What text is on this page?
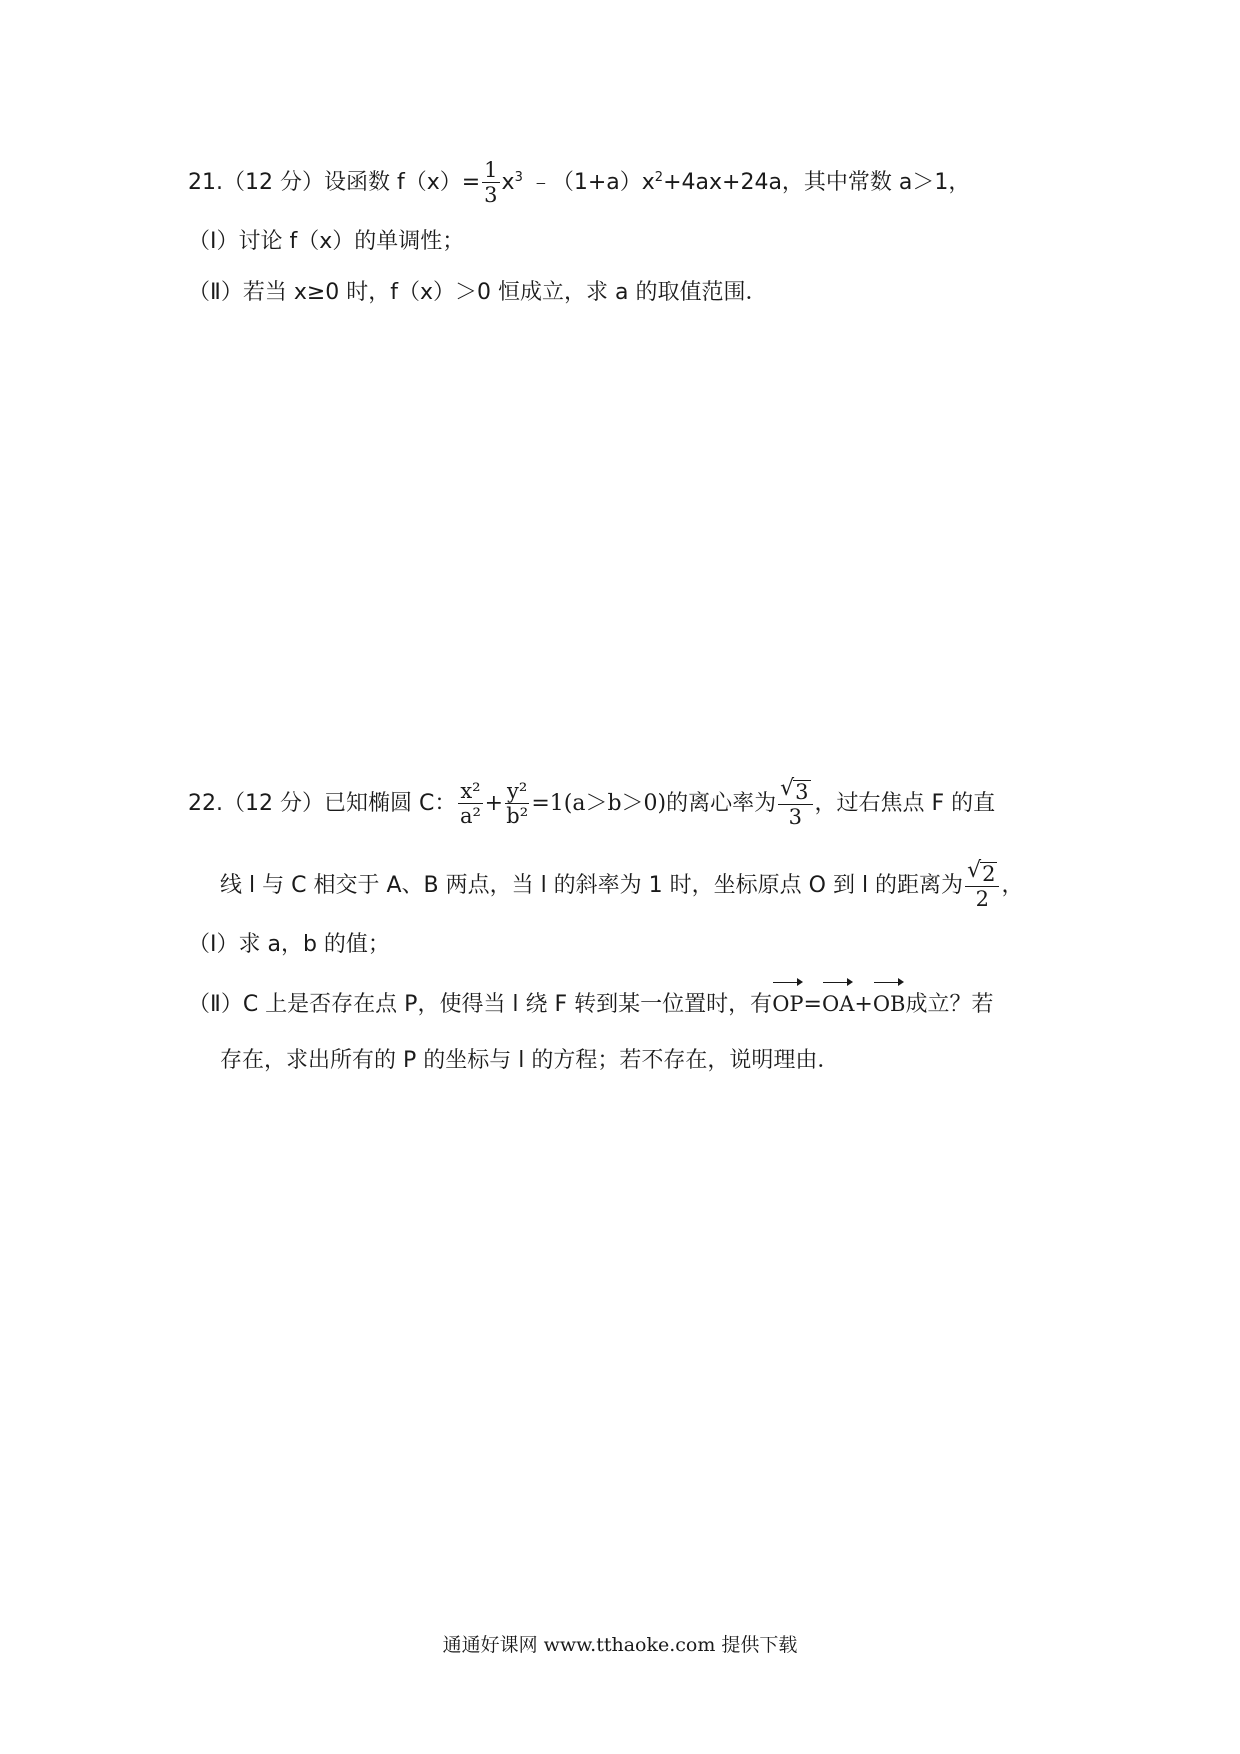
21.（12 分）设函数 $f(x)= \frac{1}{3} x^3$ $﹣(1+a)x^2+4ax+24a$，其中常数 a＞1，
（Ⅰ）讨论 f（x）的单调性；
（Ⅱ）若当 x≥0 时，f（x）＞0 恒成立，求 a 的取值范围．
22.（12 分）已知椭圆 C： $\frac{\text{x²}}{\text{a²}} + \frac{\text{y²}}{\text{b²}} =1(a>b>0)$的离心率为 $\frac{√ 3}{3}$ ，过右焦点 F 的直
线 l 与 C 相交于 A、B 两点，当 l 的斜率为 1 时，坐标原点 O 到 l 的距离为 $\frac{√ 2}{2}$ ，
（Ⅰ）求 a，b 的值；
（Ⅱ）C 上是否存在点 P，使得当 l 绕 F 转到某一位置时，有OP=OA+OB成立？若
存在，求出所有的 P 的坐标与 l 的方程；若不存在，说明理由．
通通好课网 www.tthaoke.com 提供下载
